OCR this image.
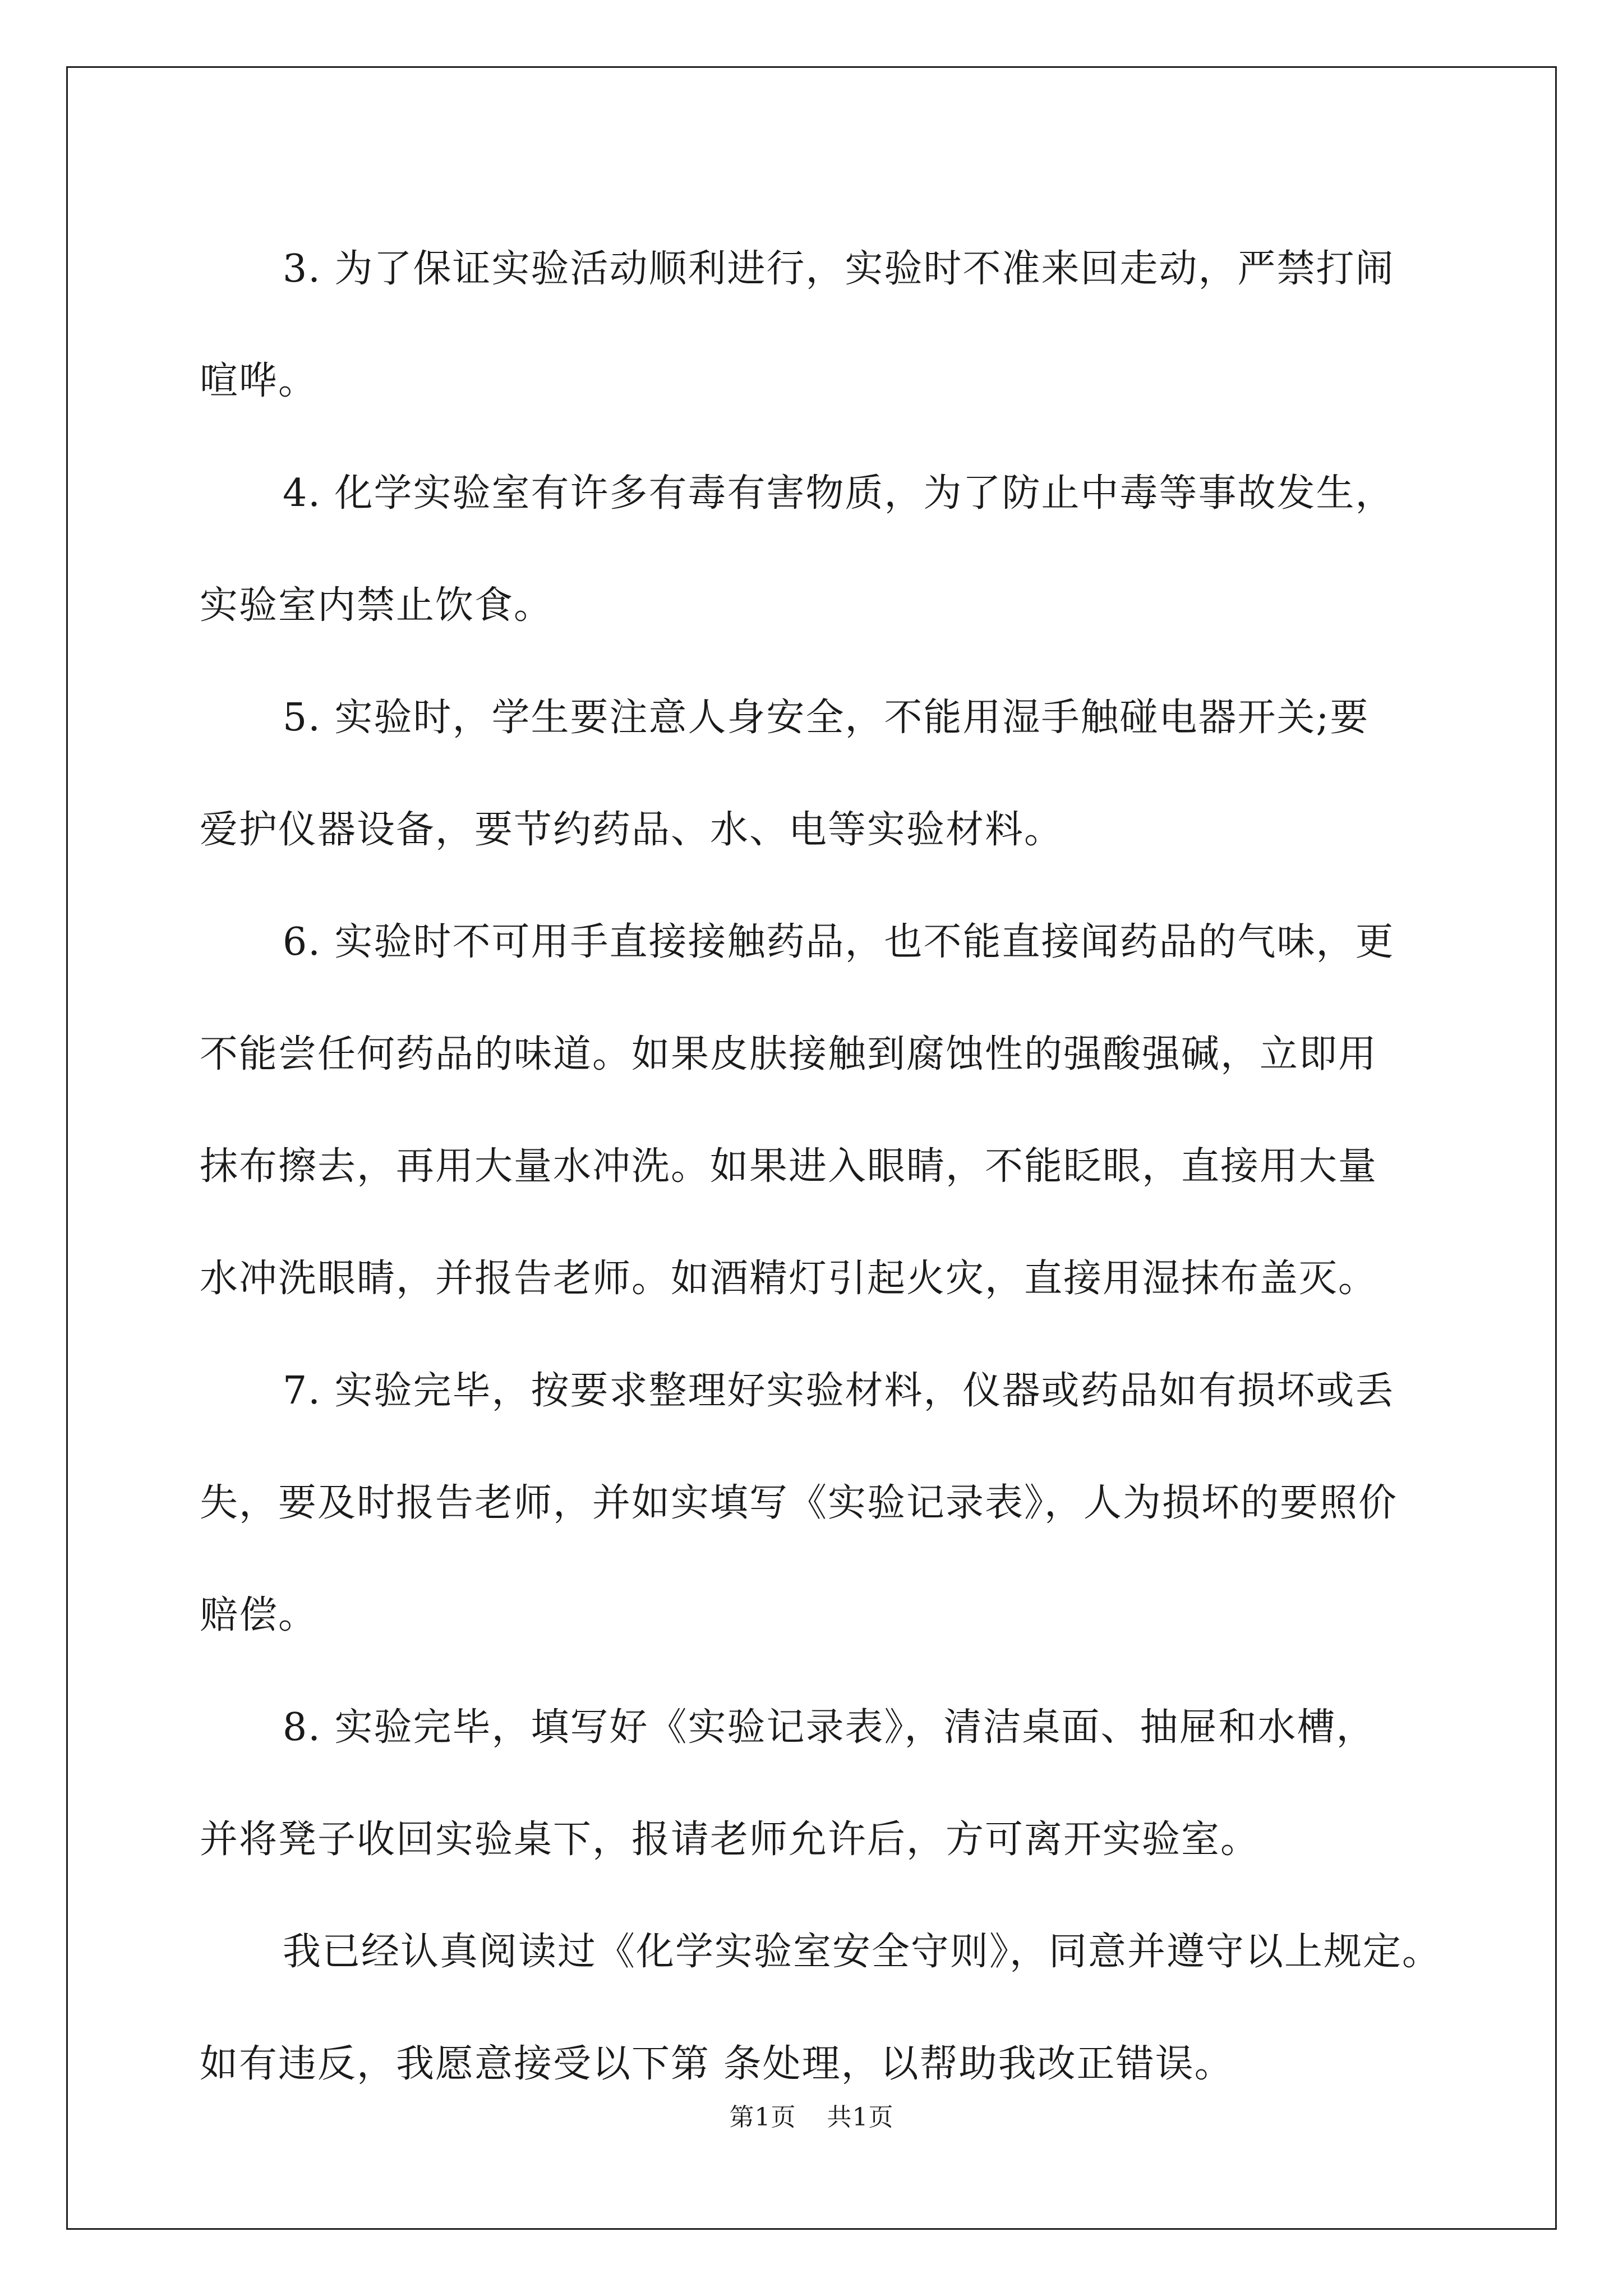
3. 为了保证实验活动顺利进行，实验时不准来回走动，严禁打闹

喧哗。

4. 化学实验室有许多有毒有害物质，为了防止中毒等事故发生，

实验室内禁止饮食。

5. 实验时，学生要注意人身安全，不能用湿手触碰电器开关;要

爱护仪器设备，要节约药品、水、电等实验材料。

6. 实验时不可用手直接接触药品，也不能直接闻药品的气味，更

不能尝任何药品的味道。如果皮肤接触到腐蚀性的强酸强碱，立即用

抹布擦去，再用大量水冲洗。如果进入眼睛，不能眨眼，直接用大量

水冲洗眼睛，并报告老师。如酒精灯引起火灾，直接用湿抹布盖灭。

7. 实验完毕，按要求整理好实验材料，仪器或药品如有损坏或丢

失，要及时报告老师，并如实填写《实验记录表》，人为损坏的要照价

赔偿。

8. 实验完毕，填写好《实验记录表》，清洁桌面、抽屉和水槽，

并将凳子收回实验桌下，报请老师允许后，方可离开实验室。

我已经认真阅读过《化学实验室安全守则》，同意并遵守以上规定。

如有违反，我愿意接受以下第 条处理，以帮助我改正错误。

第1页 共1页
